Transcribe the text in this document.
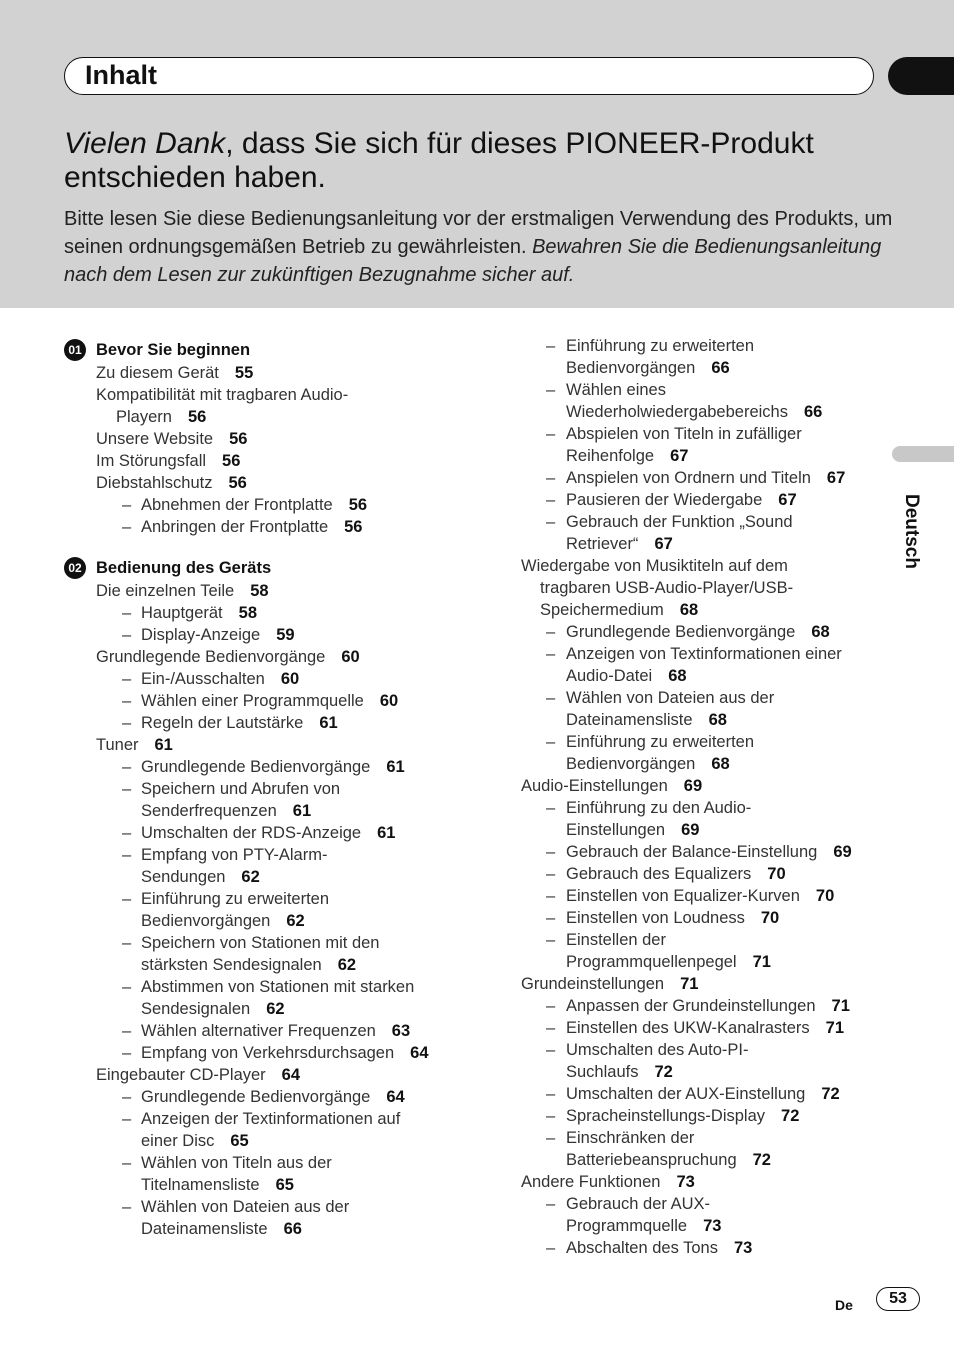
Inhalt
Vielen Dank, dass Sie sich für dieses PIONEER-Produkt entschieden haben.
Bitte lesen Sie diese Bedienungsanleitung vor der erstmaligen Verwendung des Produkts, um seinen ordnungsgemäßen Betrieb zu gewährleisten. Bewahren Sie die Bedienungsanleitung nach dem Lesen zur zukünftigen Bezugnahme sicher auf.
01 Bevor Sie beginnen
Zu diesem Gerät 55
Kompatibilität mit tragbaren Audio-
Playern 56
Unsere Website 56
Im Störungsfall 56
Diebstahlschutz 56
– Abnehmen der Frontplatte 56
– Anbringen der Frontplatte 56
02 Bedienung des Geräts
Die einzelnen Teile 58
– Hauptgerät 58
– Display-Anzeige 59
Grundlegende Bedienvorgänge 60
– Ein-/Ausschalten 60
– Wählen einer Programmquelle 60
– Regeln der Lautstärke 61
Tuner 61
– Grundlegende Bedienvorgänge 61
– Speichern und Abrufen von
Senderfrequenzen 61
– Umschalten der RDS-Anzeige 61
– Empfang von PTY-Alarm-
Sendungen 62
– Einführung zu erweiterten
Bedienvorgängen 62
– Speichern von Stationen mit den
stärksten Sendesignalen 62
– Abstimmen von Stationen mit starken
Sendesignalen 62
– Wählen alternativer Frequenzen 63
– Empfang von Verkehrsdurchsagen 64
Eingebauter CD-Player 64
– Grundlegende Bedienvorgänge 64
– Anzeigen der Textinformationen auf
einer Disc 65
– Wählen von Titeln aus der
Titelnamensliste 65
– Wählen von Dateien aus der
Dateinamensliste 66
– Einführung zu erweiterten
Bedienvorgängen 66
– Wählen eines
Wiederholwiedergabebereichs 66
– Abspielen von Titeln in zufälliger
Reihenfolge 67
– Anspielen von Ordnern und Titeln 67
– Pausieren der Wiedergabe 67
– Gebrauch der Funktion „Sound
Retriever“ 67
Wiedergabe von Musiktiteln auf dem
tragbaren USB-Audio-Player/USB-
Speichermedium 68
– Grundlegende Bedienvorgänge 68
– Anzeigen von Textinformationen einer
Audio-Datei 68
– Wählen von Dateien aus der
Dateinamensliste 68
– Einführung zu erweiterten
Bedienvorgängen 68
Audio-Einstellungen 69
– Einführung zu den Audio-
Einstellungen 69
– Gebrauch der Balance-Einstellung 69
– Gebrauch des Equalizers 70
– Einstellen von Equalizer-Kurven 70
– Einstellen von Loudness 70
– Einstellen der
Programmquellenpegel 71
Grundeinstellungen 71
– Anpassen der Grundeinstellungen 71
– Einstellen des UKW-Kanalrasters 71
– Umschalten des Auto-PI-
Suchlaufs 72
– Umschalten der AUX-Einstellung 72
– Spracheinstellungs-Display 72
– Einschränken der
Batteriebeanspruchung 72
Andere Funktionen 73
– Gebrauch der AUX-
Programmquelle 73
– Abschalten des Tons 73
Deutsch
De	53
